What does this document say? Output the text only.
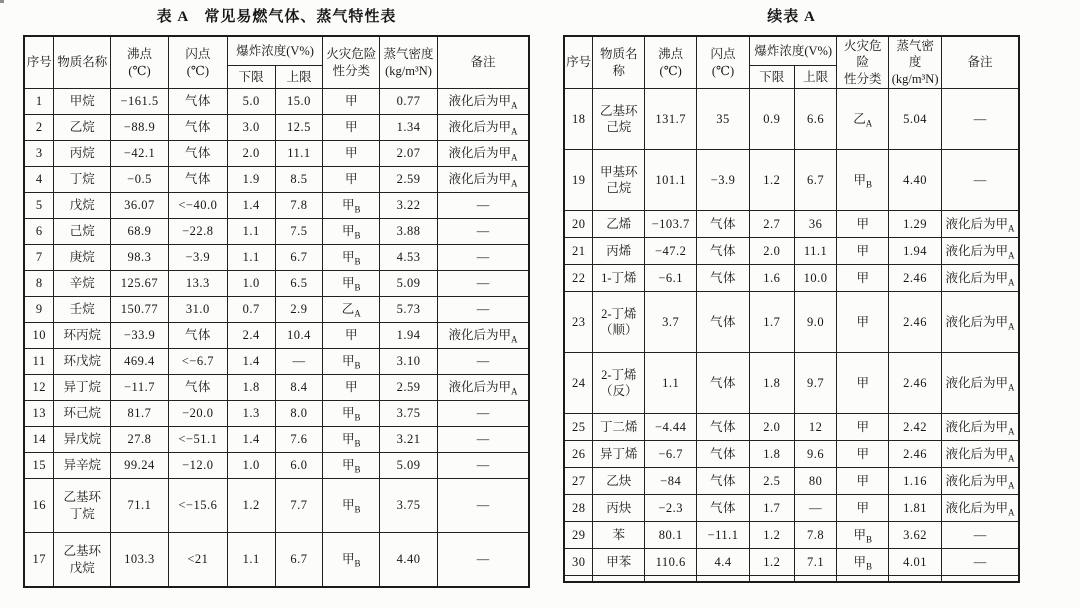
表 A　常见易燃气体、蒸气特性表
序号	物质名称	沸点
(℃)	闪点
(℃)	爆炸浓度(V%)		火灾危险
性分类	蒸气密度
(kg/m³N)	备注
				下限	上限			
1	甲烷	−161.5	气体	5.0	15.0	甲	0.77	液化后为甲$_A$
2	乙烷	−88.9	气体	3.0	12.5	甲	1.34	液化后为甲$_A$
3	丙烷	−42.1	气体	2.0	11.1	甲	2.07	液化后为甲$_A$
4	丁烷	−0.5	气体	1.9	8.5	甲	2.59	液化后为甲$_A$
5	戊烷	36.07	<−40.0	1.4	7.8	甲$_B$	3.22	—
6	己烷	68.9	−22.8	1.1	7.5	甲$_B$	3.88	—
7	庚烷	98.3	−3.9	1.1	6.7	甲$_B$	4.53	—
8	辛烷	125.67	13.3	1.0	6.5	甲$_B$	5.09	—
9	壬烷	150.77	31.0	0.7	2.9	乙$_A$	5.73	—
10	环丙烷	−33.9	气体	2.4	10.4	甲	1.94	液化后为甲$_A$
11	环戊烷	469.4	<−6.7	1.4	—	甲$_B$	3.10	—
12	异丁烷	−11.7	气体	1.8	8.4	甲	2.59	液化后为甲$_A$
13	环己烷	81.7	−20.0	1.3	8.0	甲$_B$	3.75	—
14	异戊烷	27.8	<−51.1	1.4	7.6	甲$_B$	3.21	—
15	异辛烷	99.24	−12.0	1.0	6.0	甲$_B$	5.09	—
16	乙基环
丁烷	71.1	<−15.6	1.2	7.7	甲$_B$	3.75	—
17	乙基环
戊烷	103.3	<21	1.1	6.7	甲$_B$	4.40	—
续表 A
序号	物质名称	沸点
(℃)	闪点
(℃)	爆炸浓度(V%)		火灾危险
性分类	蒸气密度
(kg/m³N)	备注
				下限	上限			
18	乙基环
己烷	131.7	35	0.9	6.6	乙$_A$	5.04	—
19	甲基环
己烷	101.1	−3.9	1.2	6.7	甲$_B$	4.40	—
20	乙烯	−103.7	气体	2.7	36	甲	1.29	液化后为甲$_A$
21	丙烯	−47.2	气体	2.0	11.1	甲	1.94	液化后为甲$_A$
22	1-丁烯	−6.1	气体	1.6	10.0	甲	2.46	液化后为甲$_A$
23	2-丁烯
（顺）	3.7	气体	1.7	9.0	甲	2.46	液化后为甲$_A$
24	2-丁烯
（反）	1.1	气体	1.8	9.7	甲	2.46	液化后为甲$_A$
25	丁二烯	−4.44	气体	2.0	12	甲	2.42	液化后为甲$_A$
26	异丁烯	−6.7	气体	1.8	9.6	甲	2.46	液化后为甲$_A$
27	乙炔	−84	气体	2.5	80	甲	1.16	液化后为甲$_A$
28	丙炔	−2.3	气体	1.7	—	甲	1.81	液化后为甲$_A$
29	苯	80.1	−11.1	1.2	7.8	甲$_B$	3.62	—
30	甲苯	110.6	4.4	1.2	7.1	甲$_B$	4.01	—
